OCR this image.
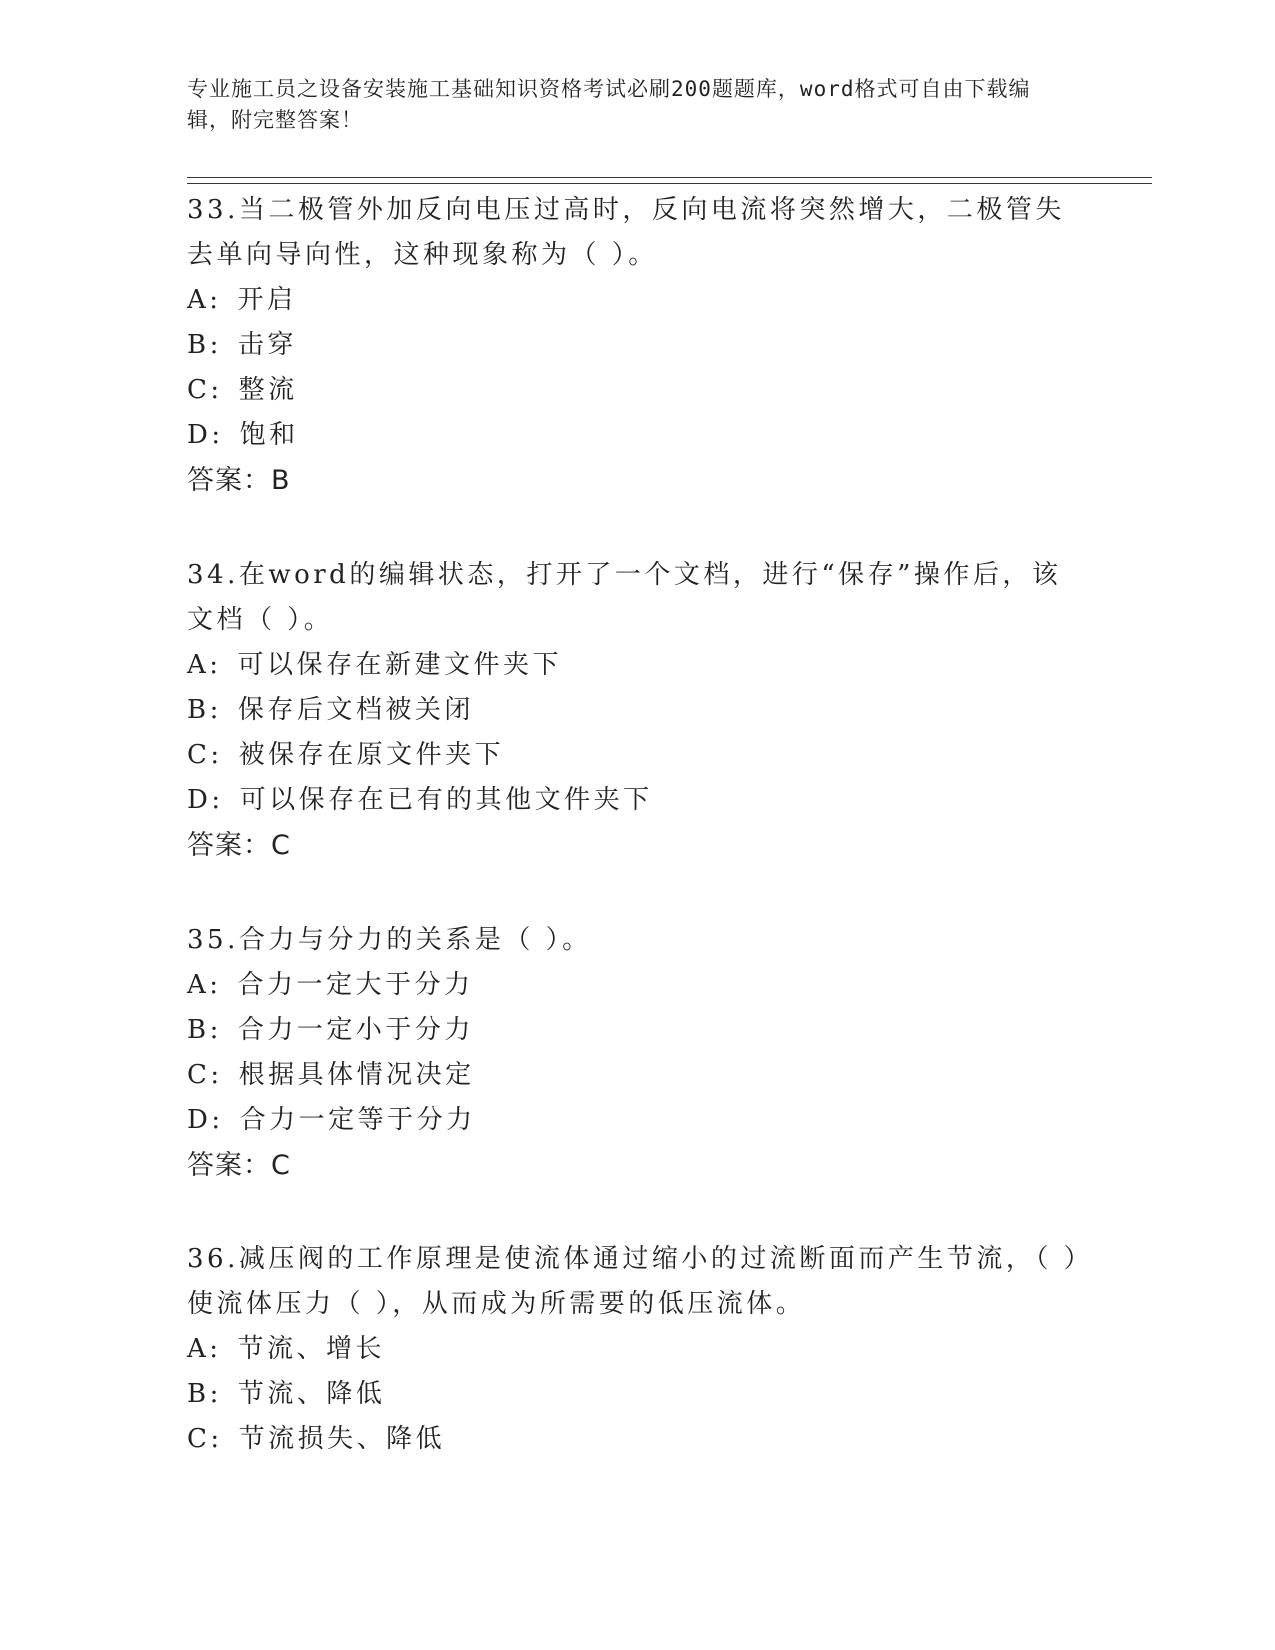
专业施工员之设备安装施工基础知识资格考试必刷200题题库，word格式可自由下载编辑，附完整答案！

33.当二极管外加反向电压过高时，反向电流将突然增大，二极管失去单向导向性，这种现象称为（ ）。

A: 开启

B: 击穿

C: 整流

D: 饱和

答案：B

34.在word的编辑状态，打开了一个文档，进行“保存”操作后，该文档（ ）。

A: 可以保存在新建文件夹下

B: 保存后文档被关闭

C: 被保存在原文件夹下

D: 可以保存在已有的其他文件夹下

答案：C

35.合力与分力的关系是（ ）。

A: 合力一定大于分力

B: 合力一定小于分力

C: 根据具体情况决定

D: 合力一定等于分力

答案：C

36.减压阀的工作原理是使流体通过缩小的过流断面而产生节流，（ ）使流体压力（ ），从而成为所需要的低压流体。

A: 节流、增长

B: 节流、降低

C: 节流损失、降低
